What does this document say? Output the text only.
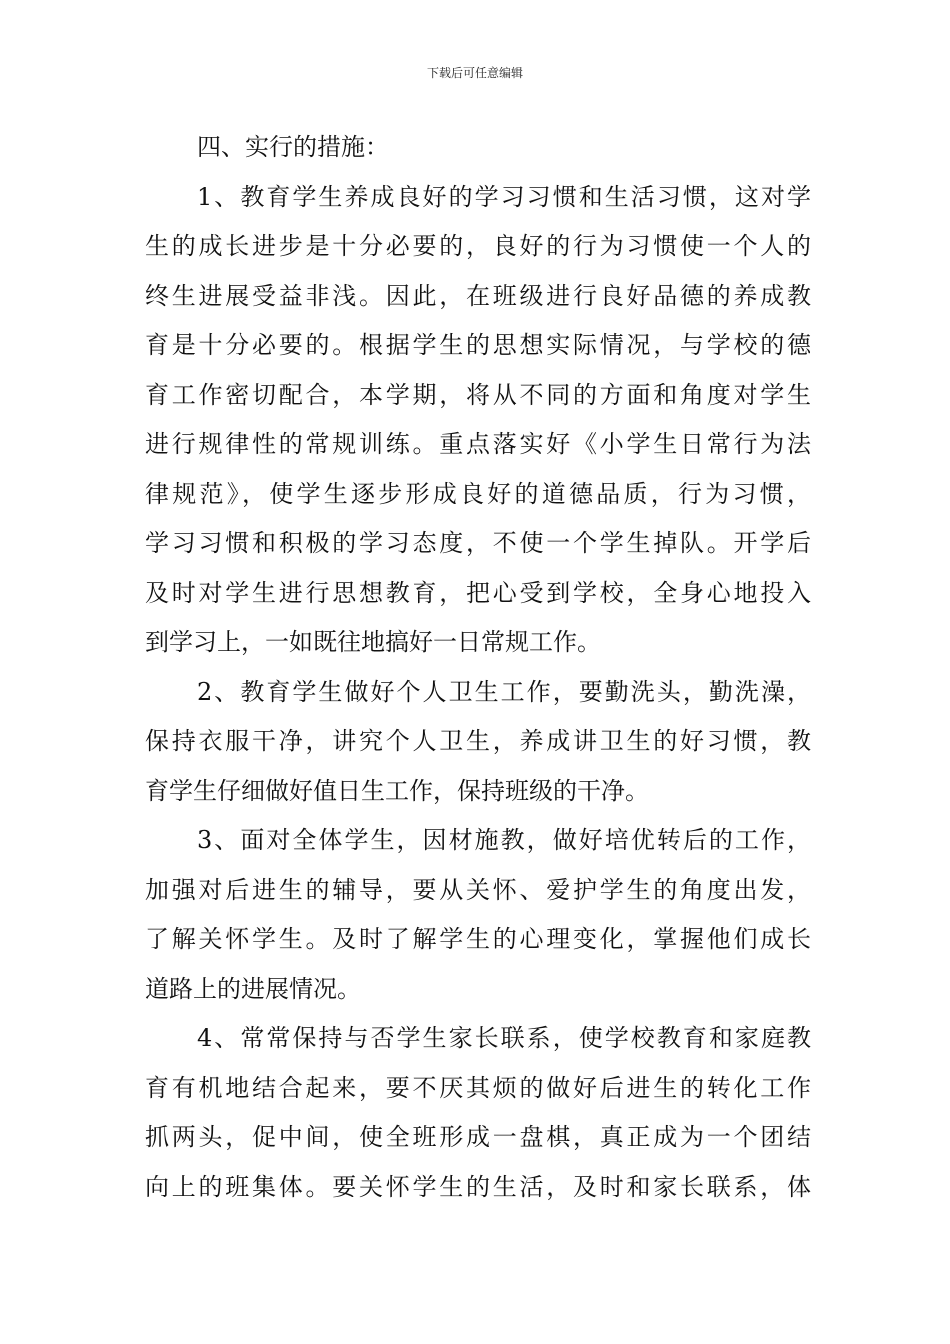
下载后可任意编辑
四、实行的措施：
1、教育学生养成良好的学习习惯和生活习惯，这对学
生的成长进步是十分必要的，良好的行为习惯使一个人的
终生进展受益非浅。因此，在班级进行良好品德的养成教
育是十分必要的。根据学生的思想实际情况，与学校的德
育工作密切配合，本学期，将从不同的方面和角度对学生
进行规律性的常规训练。重点落实好《小学生日常行为法
律规范》，使学生逐步形成良好的道德品质，行为习惯，
学习习惯和积极的学习态度，不使一个学生掉队。开学后
及时对学生进行思想教育，把心受到学校，全身心地投入
到学习上，一如既往地搞好一日常规工作。
2、教育学生做好个人卫生工作，要勤洗头，勤洗澡，
保持衣服干净，讲究个人卫生，养成讲卫生的好习惯，教
育学生仔细做好值日生工作，保持班级的干净。
3、面对全体学生，因材施教，做好培优转后的工作，
加强对后进生的辅导，要从关怀、爱护学生的角度出发，
了解关怀学生。及时了解学生的心理变化，掌握他们成长
道路上的进展情况。
4、常常保持与否学生家长联系，使学校教育和家庭教
育有机地结合起来，要不厌其烦的做好后进生的转化工作
抓两头，促中间，使全班形成一盘棋，真正成为一个团结
向上的班集体。要关怀学生的生活，及时和家长联系，体
